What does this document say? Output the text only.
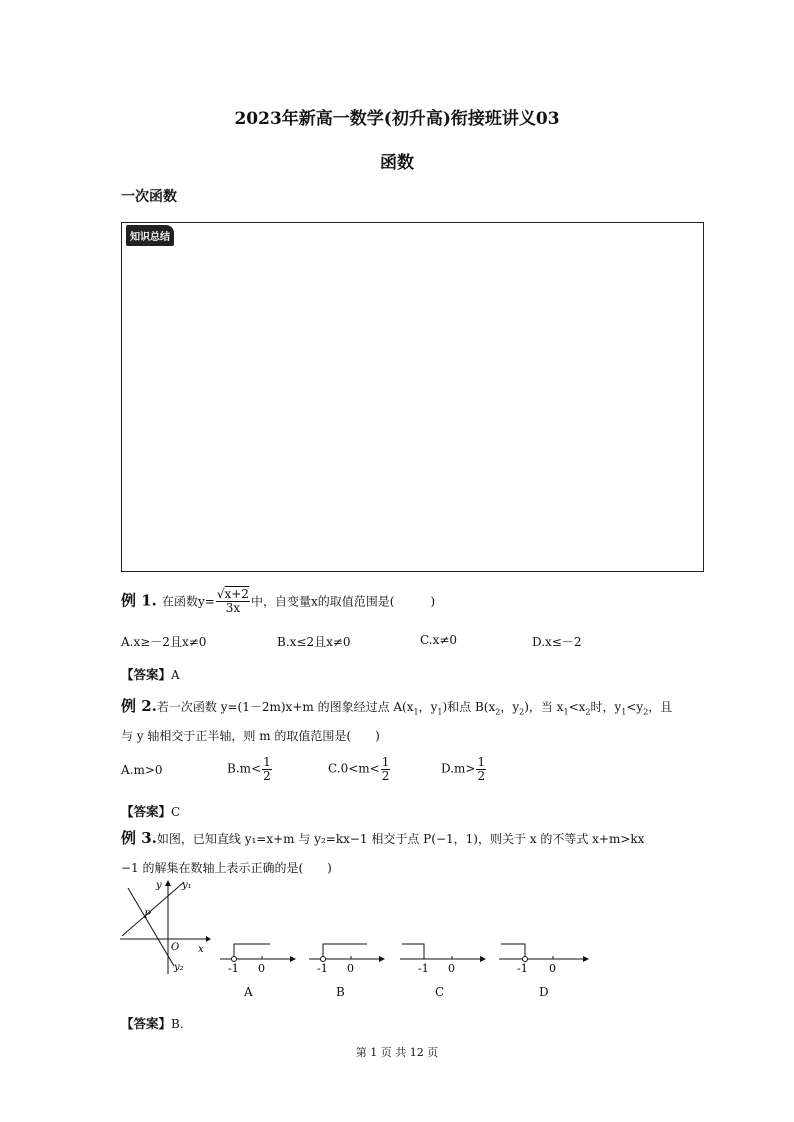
2023年新高一数学(初升高)衔接班讲义03
函数
一次函数
知识总结
例 1. 在函数$y= \frac{√x+2}{3x}$ 中，自变量x的取值范围是(　　　)
A.x≥－2且x≠0	B.x≤2且x≠0	C.x≠0	D.x≤－2
【答案】A
例 2.若一次函数 y=(1－2m)x+m 的图象经过点 $A(x_1$，$y_1$)和点 $B(x_2$，$y_2$)，当 $x_1<x_2$时，$y_1<y_2$，且
与 y 轴相交于正半轴，则 m 的取值范围是(　　)
A.m>0	$B.m< \frac{1}{2}$	$C.0<m< \frac{1}{2}$	$D.m> \frac{1}{2}$
【答案】C
例 3.如图，已知直线 y₁=x+m 与 y₂=kx−1 相交于点 P(−1，1)，则关于 x 的不等式 x+m>kx
−1 的解集在数轴上表示正确的是(　　)
y y₁
P
O x
y₂	-1 0
A
-1 0
B
-1 0
C
-1 0
D
【答案】B.
第 1 页 共 12 页
